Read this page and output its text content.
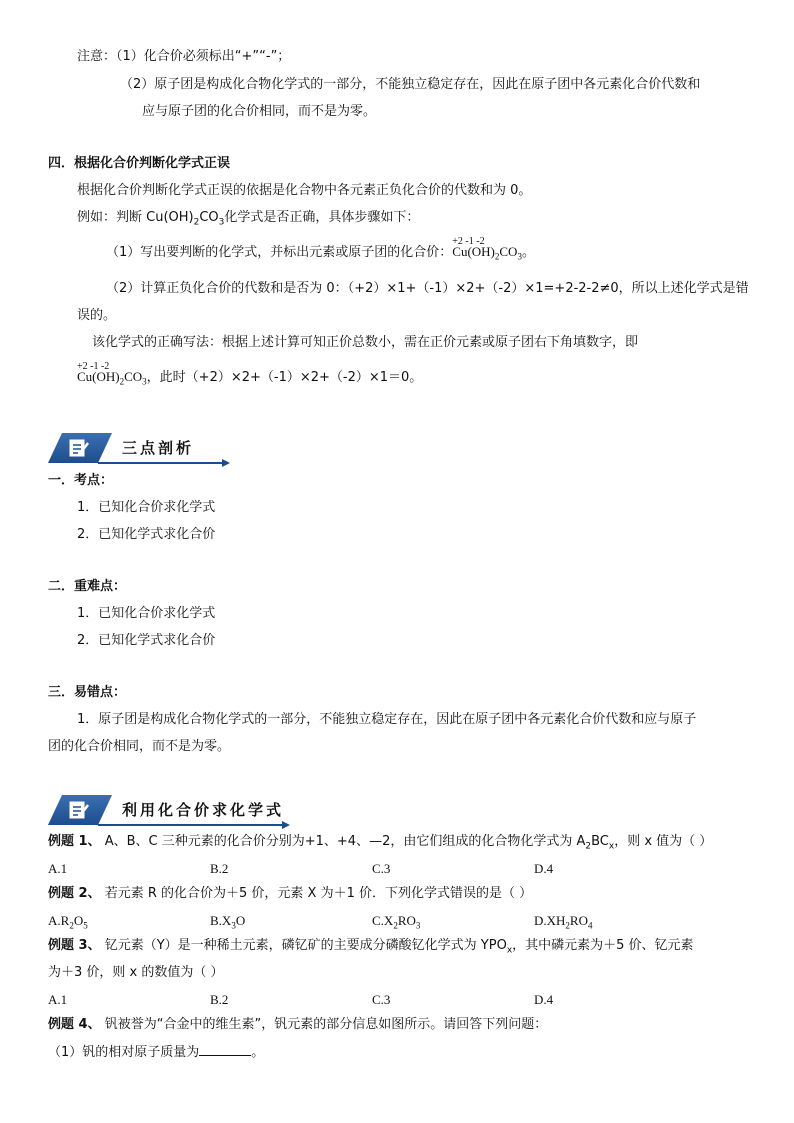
注意：（1）化合价必须标出“+”“-”；
（2）原子团是构成化合物化学式的一部分，不能独立稳定存在，因此在原子团中各元素化合价代数和
应与原子团的化合价相同，而不是为零。
四．根据化合价判断化学式正误
根据化合价判断化学式正误的依据是化合物中各元素正负化合价的代数和为 0。
例如：判断 $Cu(OH)_2CO_3$化学式是否正确，具体步骤如下：
（1）写出要判断的化学式，并标出元素或原子团的化合价：
+2 -1 -2
$Cu(OH)_2CO_3$。
（2）计算正负化合价的代数和是否为 0：（+2）×1+（-1）×2+（-2）×1=+2-2-2≠0，所以上述化学式是错
误的。
该化学式的正确写法：根据上述计算可知正价总数小，需在正价元素或原子团右下角填数字，即
+2 -1 -2
$Cu(OH)_2CO_3$，此时（+2）×2+（-1）×2+（-2）×1＝0。
三点剖析
一．考点：
1．已知化合价求化学式
2．已知化学式求化合价
二．重难点：
1．已知化合价求化学式
2．已知化学式求化合价
三．易错点：
1．原子团是构成化合物化学式的一部分，不能独立稳定存在，因此在原子团中各元素化合价代数和应与原子
团的化合价相同，而不是为零。
利用化合价求化学式
例题 1、 A、B、C 三种元素的化合价分别为+1、+4、—2，由它们组成的化合物化学式为 $A_2BC_x$，则 x 值为（ ）
A.1	B.2	C.3	D.4
例题 2、 若元素 R 的化合价为＋5 价，元素 X 为＋1 价．下列化学式错误的是（ ）
$A.R_2O_5$	$B.X_3O$	$C.X_2RO_3$	$D.XH_2RO_4$
例题 3、 钇元素（Y）是一种稀土元素，磷钇矿的主要成分磷酸钇化学式为 $YPO_x$，其中磷元素为＋5 价、钇元素
为＋3 价，则 x 的数值为（ ）
A.1	B.2	C.3	D.4
例题 4、 钒被誉为“合金中的维生素”，钒元素的部分信息如图所示。请回答下列问题：
（1）钒的相对原子质量为	。
